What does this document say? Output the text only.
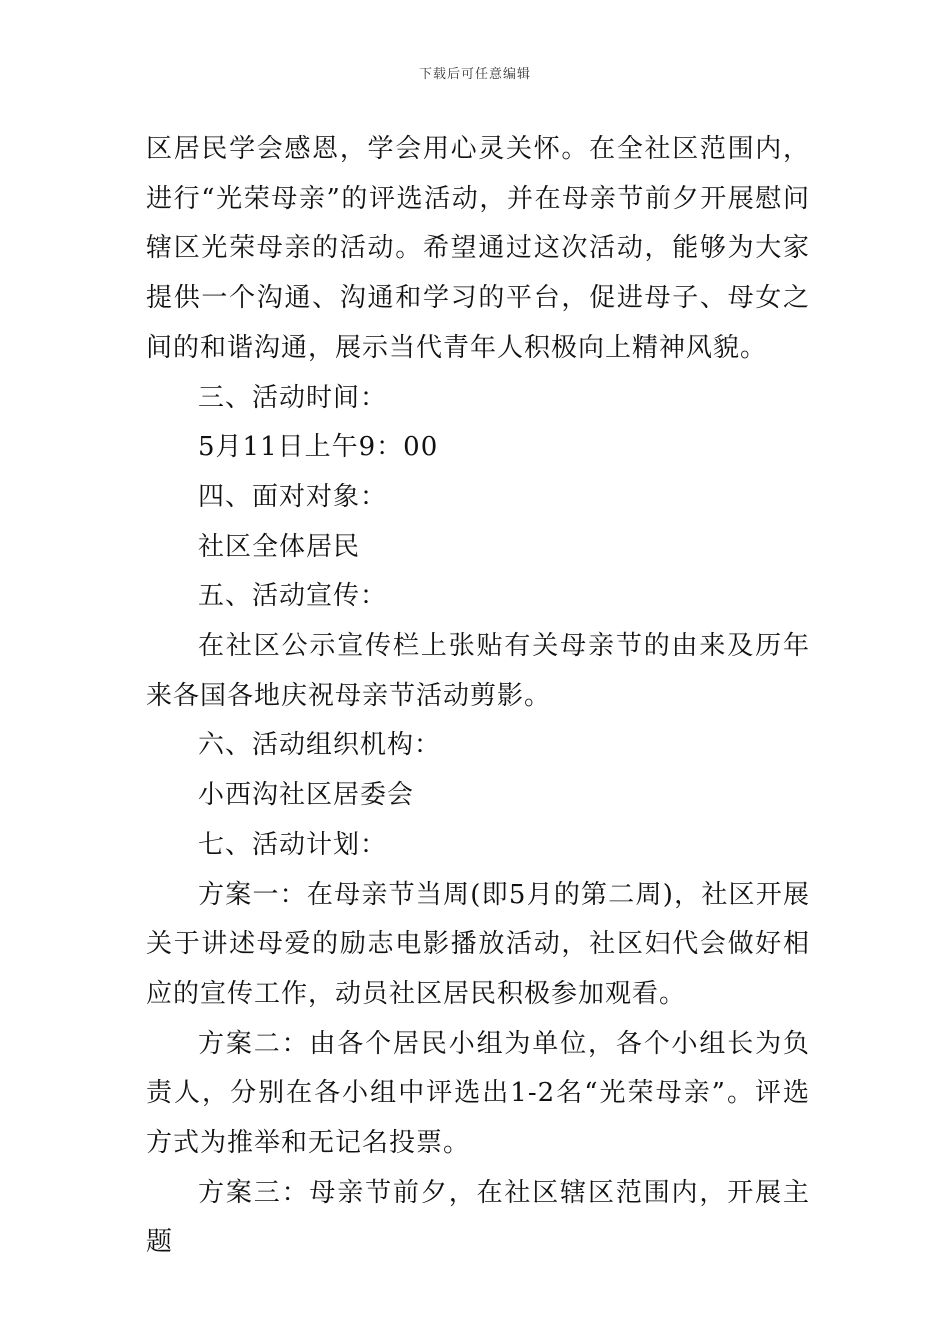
下载后可任意编辑

区居民学会感恩，学会用心灵关怀。在全社区范围内，进行“光荣母亲”的评选活动，并在母亲节前夕开展慰问辖区光荣母亲的活动。希望通过这次活动，能够为大家提供一个沟通、沟通和学习的平台，促进母子、母女之间的和谐沟通，展示当代青年人积极向上精神风貌。

三、活动时间：

5月11日上午9：00

四、面对对象：

社区全体居民

五、活动宣传：

在社区公示宣传栏上张贴有关母亲节的由来及历年来各国各地庆祝母亲节活动剪影。

六、活动组织机构：

小西沟社区居委会

七、活动计划：

方案一：在母亲节当周(即5月的第二周)，社区开展关于讲述母爱的励志电影播放活动，社区妇代会做好相应的宣传工作，动员社区居民积极参加观看。

方案二：由各个居民小组为单位，各个小组长为负责人，分别在各小组中评选出1-2名“光荣母亲”。评选方式为推举和无记名投票。

方案三：母亲节前夕，在社区辖区范围内，开展主题
